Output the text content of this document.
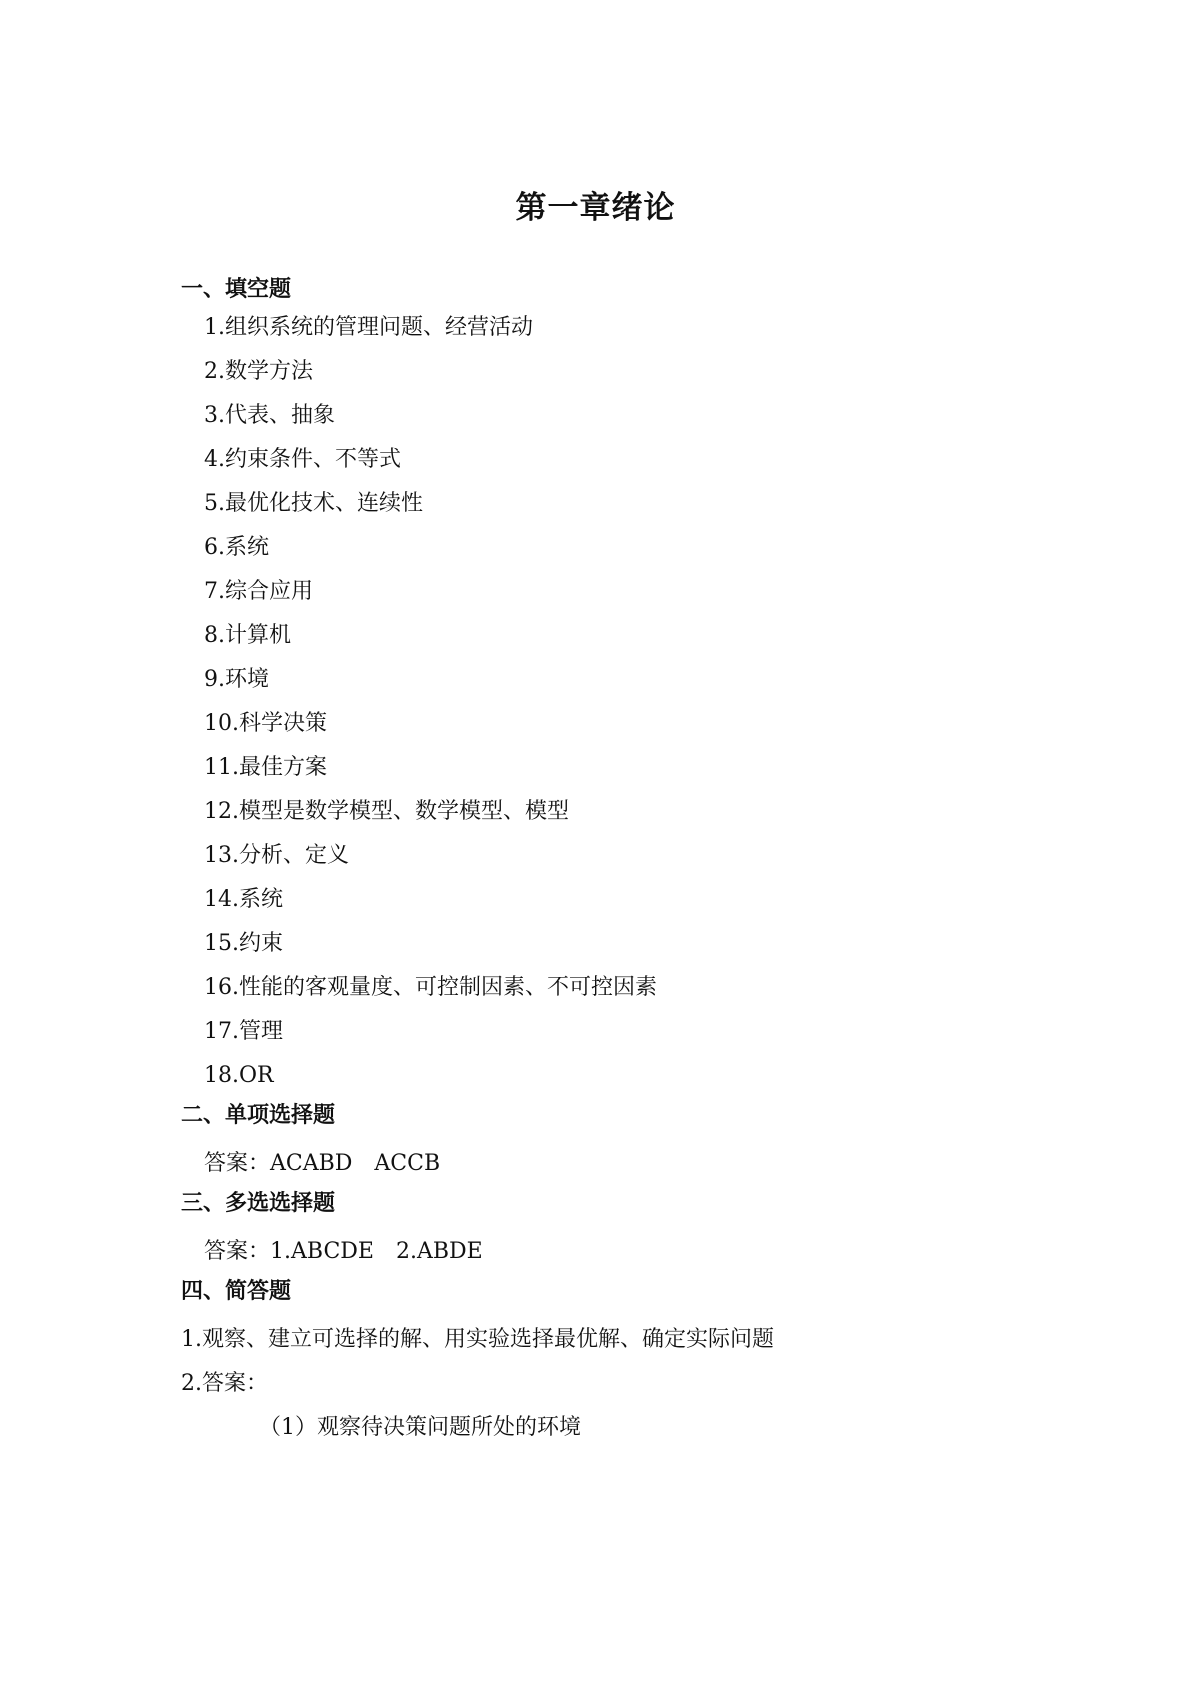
第一章绪论
一、填空题
1.组织系统的管理问题、经营活动
2.数学方法
3.代表、抽象
4.约束条件、不等式
5.最优化技术、连续性
6.系统
7.综合应用
8.计算机
9.环境
10.科学决策
11.最佳方案
12.模型是数学模型、数学模型、模型
13.分析、定义
14.系统
15.约束
16.性能的客观量度、可控制因素、不可控因素
17.管理
18.OR
二、单项选择题
答案：ACABD　ACCB
三、多选选择题
答案：1.ABCDE　2.ABDE
四、简答题
1.观察、建立可选择的解、用实验选择最优解、确定实际问题
2.答案：
（1）观察待决策问题所处的环境
